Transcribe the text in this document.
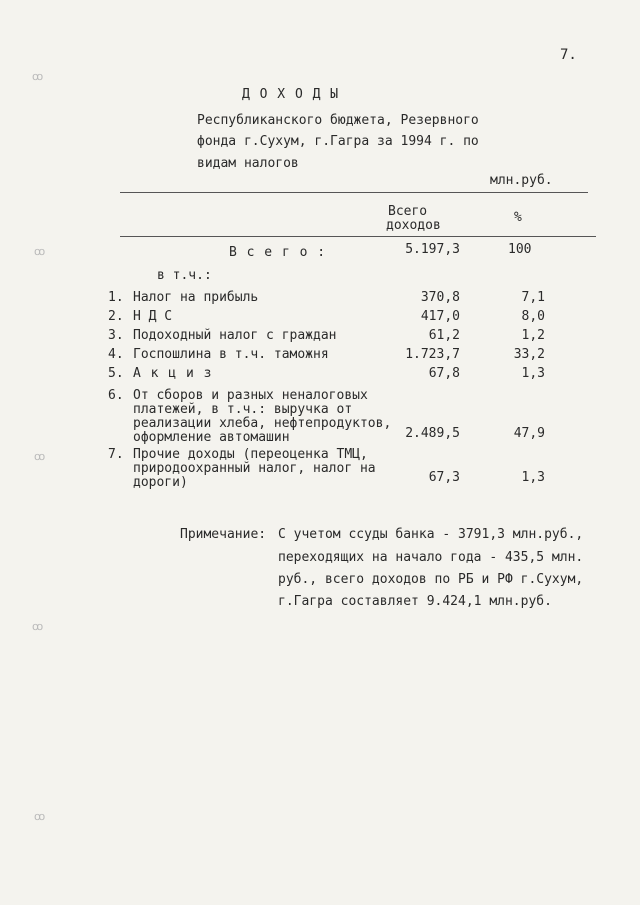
ꝏ
ꝏ
ꝏ
ꝏ
ꝏ
7.
Д О Х О Д Ы
Республиканского бюджета, Резервного
фонда г.Сухум, г.Гагра за 1994 г. по
видам налогов
млн.руб.
Всего
доходов
%
В с е г о :	5.197,3	100
в т.ч.:
1. Налог на прибыль	370,8	7,1
2. Н Д С	417,0	8,0
3. Подоходный налог с граждан	61,2	1,2
4. Госпошлина в т.ч. таможня	1.723,7	33,2
5. А к ц и з	67,8	1,3
6. От сборов и разных неналоговых
платежей, в т.ч.: выручка от
реализации хлеба, нефтепродуктов,
оформление автомашин	2.489,5	47,9
7. Прочие доходы (переоценка ТМЦ,
природоохранный налог, налог на
дороги)	67,3	1,3
Примечание: С учетом ссуды банка - 3791,3 млн.руб.,
переходящих на начало года - 435,5 млн.
руб., всего доходов по РБ и РФ г.Сухум,
г.Гагра составляет 9.424,1 млн.руб.
